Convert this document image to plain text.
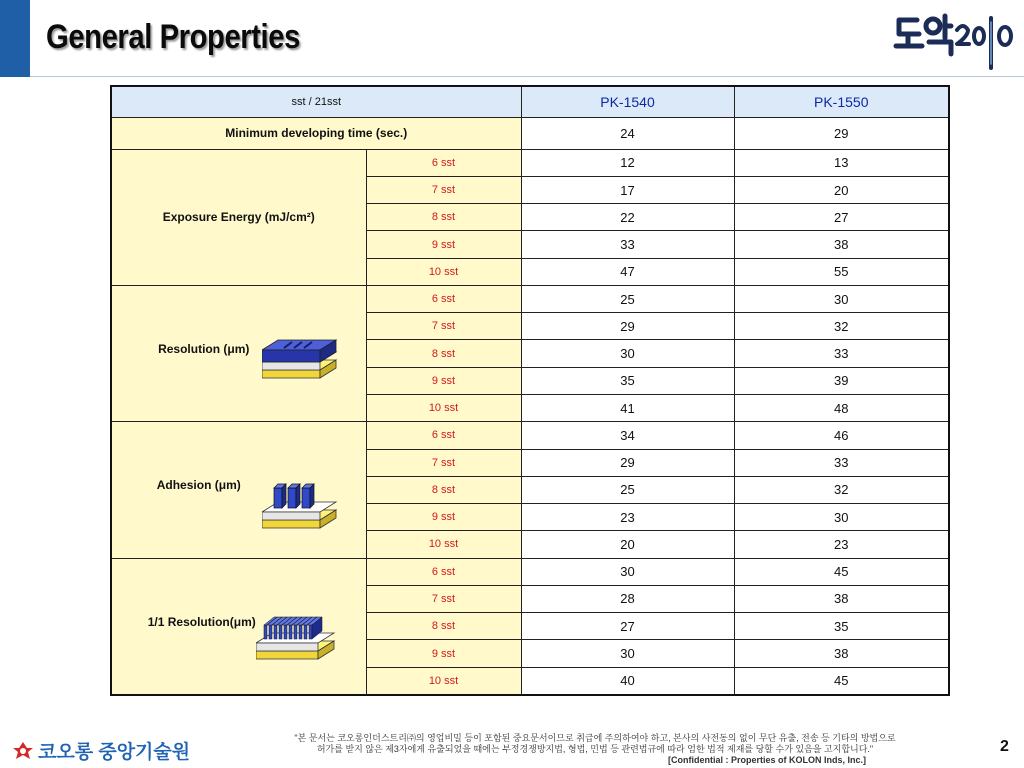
General Properties
sst / 21sst		PK-1540	PK-1550
Minimum developing time (sec.)		24	29
Exposure Energy (mJ/cm²)	6 sst	12	13
	7 sst	17	20
	8 sst	22	27
	9 sst	33	38
	10 sst	47	55

Resolution (μm)	6 sst	25	30
	7 sst	29	32
	8 sst	30	33
	9 sst	35	39
	10 sst	41	48

Adhesion (μm)	6 sst	34	46
	7 sst	29	33
	8 sst	25	32
	9 sst	23	30
	10 sst	20	23

1/1 Resolution(μm)	6 sst	30	45
	7 sst	28	38
	8 sst	27	35
	9 sst	30	38
	10 sst	40	45
코오롱 중앙기술원
"본 문서는 코오롱인더스트리㈜의 영업비밀 등이 포함된 중요문서이므로 취급에 주의하여야 하고, 본사의 사전동의 없이 무단 유출, 전송 등 기타의 방법으로
허가를 받지 않은 제3자에게 유출되었을 때에는 부정경쟁방지법, 형법, 민법 등 관련법규에 따라 엄한 법적 제재를 당할 수가 있음을 고지합니다."
[Confidential : Properties of KOLON Inds, Inc.]
2
